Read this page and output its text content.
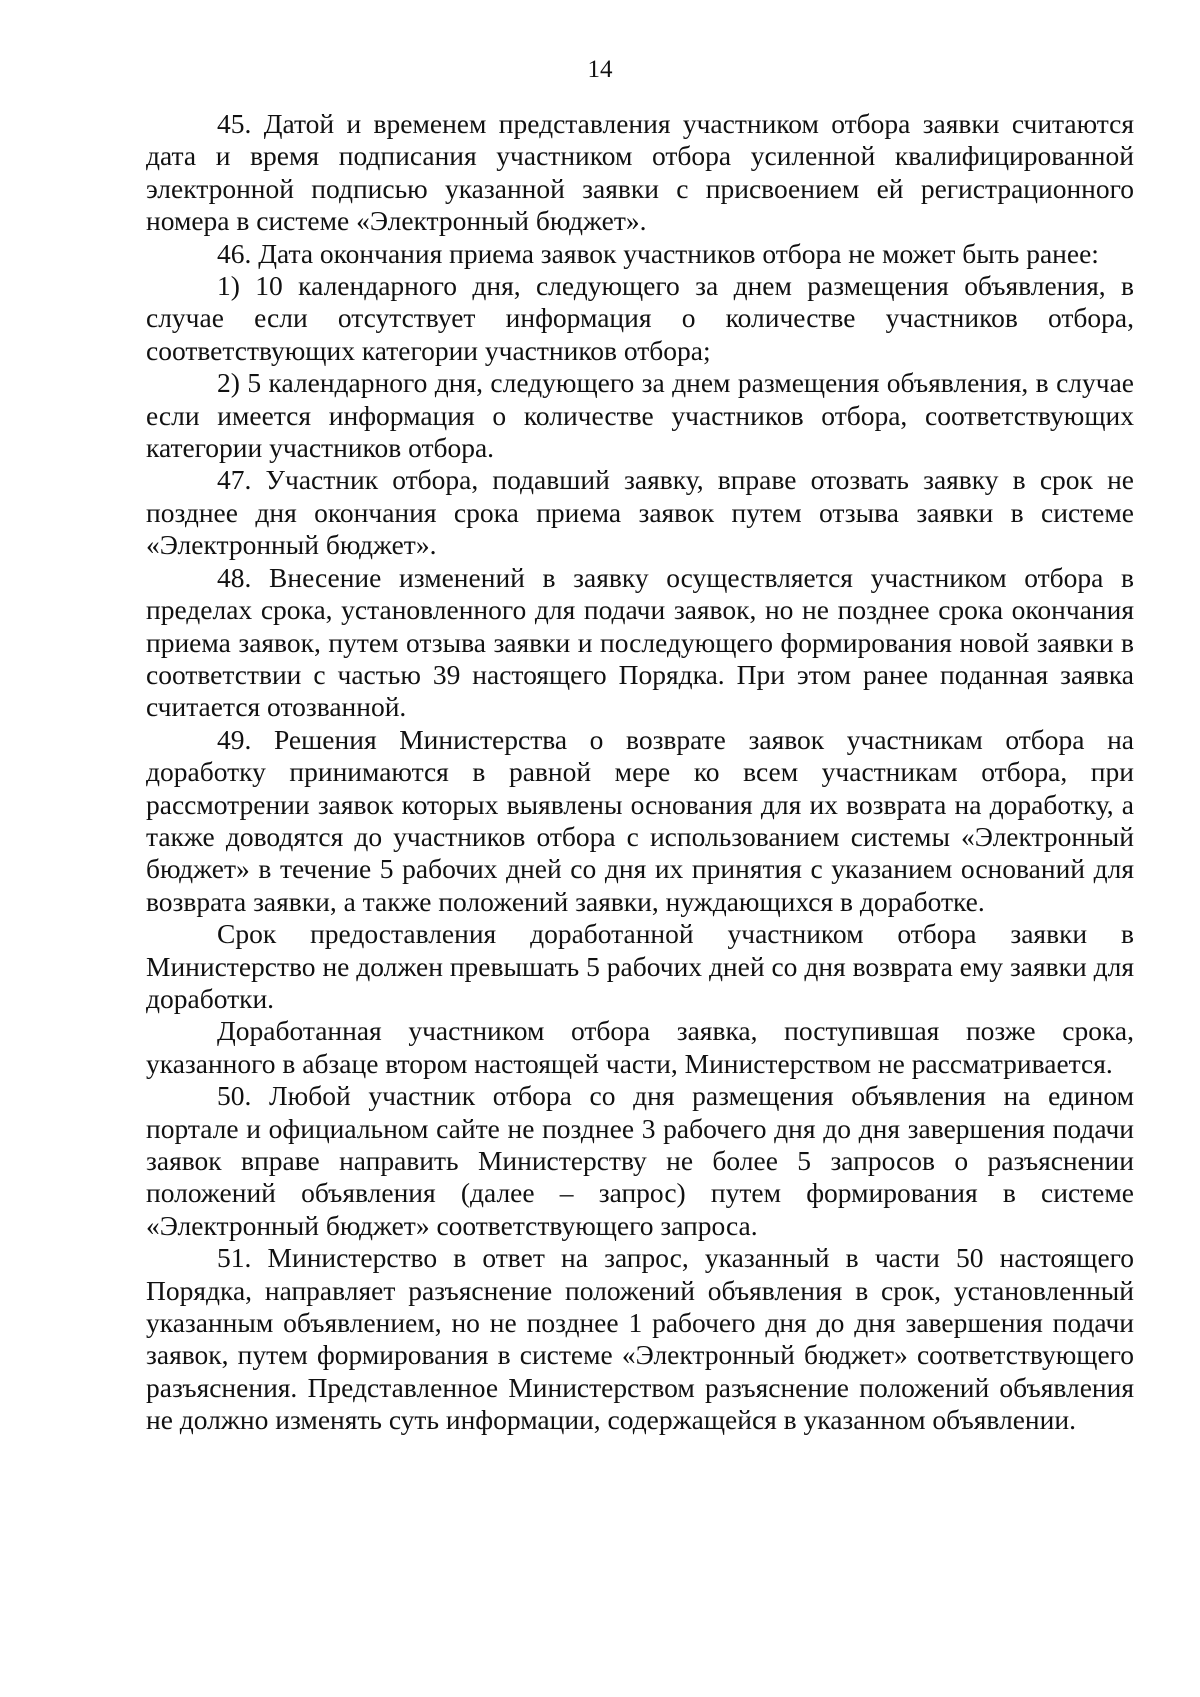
14

45. Датой и временем представления участником отбора заявки считаются дата и время подписания участником отбора усиленной квалифицированной электронной подписью указанной заявки с присвоением ей регистрационного номера в системе «Электронный бюджет».

46. Дата окончания приема заявок участников отбора не может быть ранее:

1) 10 календарного дня, следующего за днем размещения объявления, в случае если отсутствует информация о количестве участников отбора, соответствующих категории участников отбора;

2) 5 календарного дня, следующего за днем размещения объявления, в случае если имеется информация о количестве участников отбора, соответствующих категории участников отбора.

47. Участник отбора, подавший заявку, вправе отозвать заявку в срок не позднее дня окончания срока приема заявок путем отзыва заявки в системе «Электронный бюджет».

48. Внесение изменений в заявку осуществляется участником отбора в пределах срока, установленного для подачи заявок, но не позднее срока окончания приема заявок, путем отзыва заявки и последующего формирования новой заявки в соответствии с частью 39 настоящего Порядка. При этом ранее поданная заявка считается отозванной.

49. Решения Министерства о возврате заявок участникам отбора на доработку принимаются в равной мере ко всем участникам отбора, при рассмотрении заявок которых выявлены основания для их возврата на доработку, а также доводятся до участников отбора с использованием системы «Электронный бюджет» в течение 5 рабочих дней со дня их принятия с указанием оснований для возврата заявки, а также положений заявки, нуждающихся в доработке.

Срок предоставления доработанной участником отбора заявки в Министерство не должен превышать 5 рабочих дней со дня возврата ему заявки для доработки.

Доработанная участником отбора заявка, поступившая позже срока, указанного в абзаце втором настоящей части, Министерством не рассматривается.

50. Любой участник отбора со дня размещения объявления на едином портале и официальном сайте не позднее 3 рабочего дня до дня завершения подачи заявок вправе направить Министерству не более 5 запросов о разъяснении положений объявления (далее – запрос) путем формирования в системе «Электронный бюджет» соответствующего запроса.

51. Министерство в ответ на запрос, указанный в части 50 настоящего Порядка, направляет разъяснение положений объявления в срок, установленный указанным объявлением, но не позднее 1 рабочего дня до дня завершения подачи заявок, путем формирования в системе «Электронный бюджет» соответствующего разъяснения. Представленное Министерством разъяснение положений объявления не должно изменять суть информации, содержащейся в указанном объявлении.
